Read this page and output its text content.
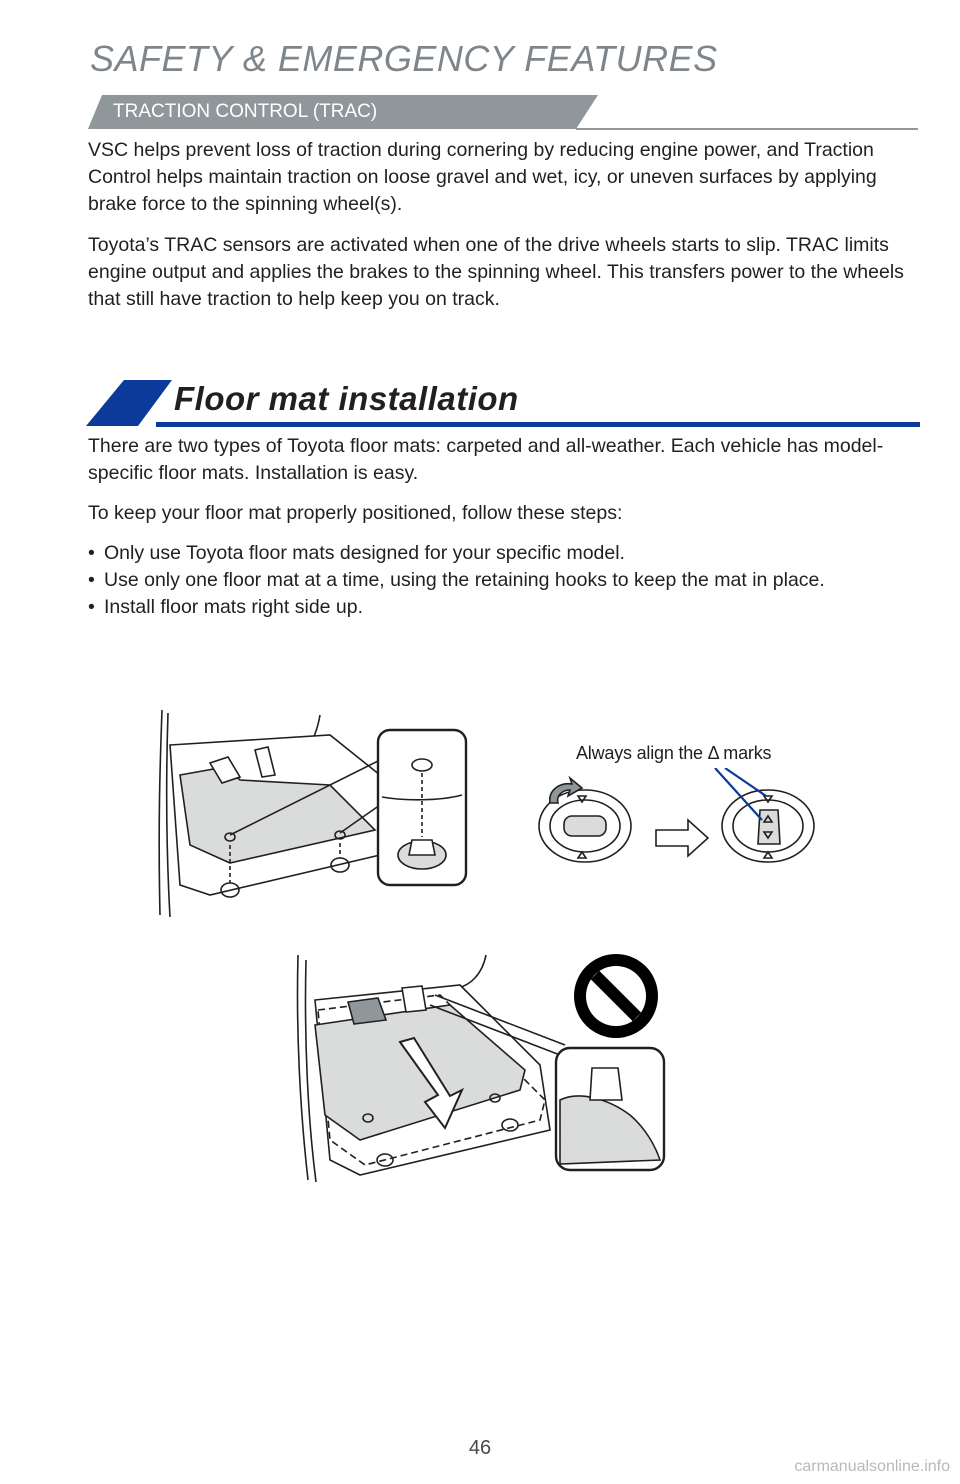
SAFETY & EMERGENCY FEATURES
TRACTION CONTROL (TRAC)

VSC helps prevent loss of traction during cornering by reducing engine power, and Traction Control helps maintain traction on loose gravel and wet, icy, or uneven surfaces by applying brake force to the spinning wheel(s).

Toyota’s TRAC sensors are activated when one of the drive wheels starts to slip. TRAC limits engine output and applies the brakes to the spinning wheel. This transfers power to the wheels that still have traction to help keep you on track.

Floor mat installation

There are two types of Toyota floor mats: carpeted and all-weather. Each vehicle has model-specific floor mats. Installation is easy.

To keep your floor mat properly positioned, follow these steps:

• Only use Toyota floor mats designed for your specific model.
• Use only one floor mat at a time, using the retaining hooks to keep the mat in place.
• Install floor mats right side up.
Always align the Δ marks
46
carmanualsonline.info
